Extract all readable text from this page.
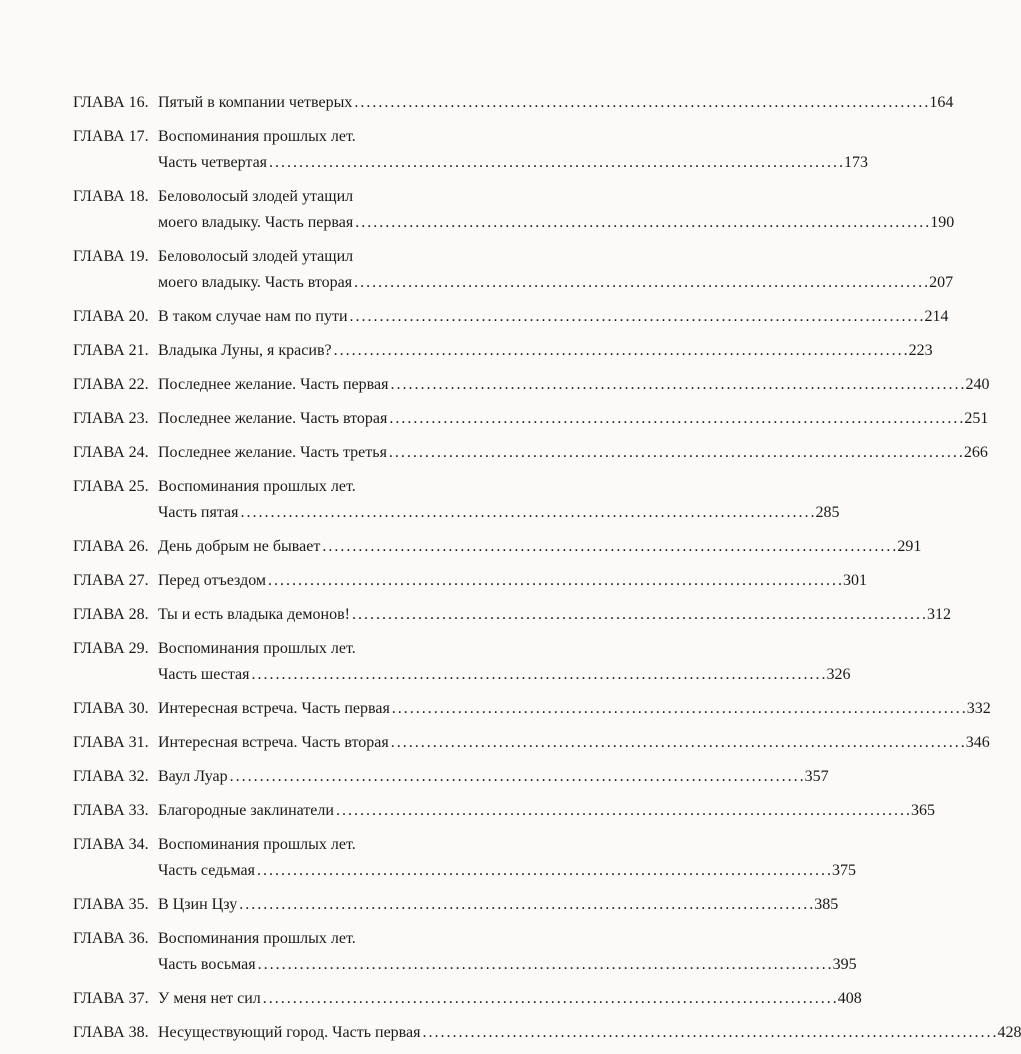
ГЛАВА 16. Пятый в компании четверых . . .	164
ГЛАВА 17. Воспоминания прошлых лет.
Часть четвертая . . .	173
ГЛАВА 18. Беловолосый злодей утащил
моего владыку. Часть первая . . .	190
ГЛАВА 19. Беловолосый злодей утащил
моего владыку. Часть вторая . . .	207
ГЛАВА 20. В таком случае нам по пути . . .	214
ГЛАВА 21. Владыка Луны, я красив? . . .	223
ГЛАВА 22. Последнее желание. Часть первая . . .	240
ГЛАВА 23. Последнее желание. Часть вторая . . .	251
ГЛАВА 24. Последнее желание. Часть третья . . .	266
ГЛАВА 25. Воспоминания прошлых лет.
Часть пятая . . .	285
ГЛАВА 26. День добрым не бывает . . .	291
ГЛАВА 27. Перед отъездом . . .	301
ГЛАВА 28. Ты и есть владыка демонов! . . .	312
ГЛАВА 29. Воспоминания прошлых лет.
Часть шестая . . .	326
ГЛАВА 30. Интересная встреча. Часть первая . . .	332
ГЛАВА 31. Интересная встреча. Часть вторая . . .	346
ГЛАВА 32. Ваул Луар . . .	357
ГЛАВА 33. Благородные заклинатели . . .	365
ГЛАВА 34. Воспоминания прошлых лет.
Часть седьмая . . .	375
ГЛАВА 35. В Цзин Цзу . . .	385
ГЛАВА 36. Воспоминания прошлых лет.
Часть восьмая . . .	395
ГЛАВА 37. У меня нет сил . . .	408
ГЛАВА 38. Несуществующий город. Часть первая . . .	428
